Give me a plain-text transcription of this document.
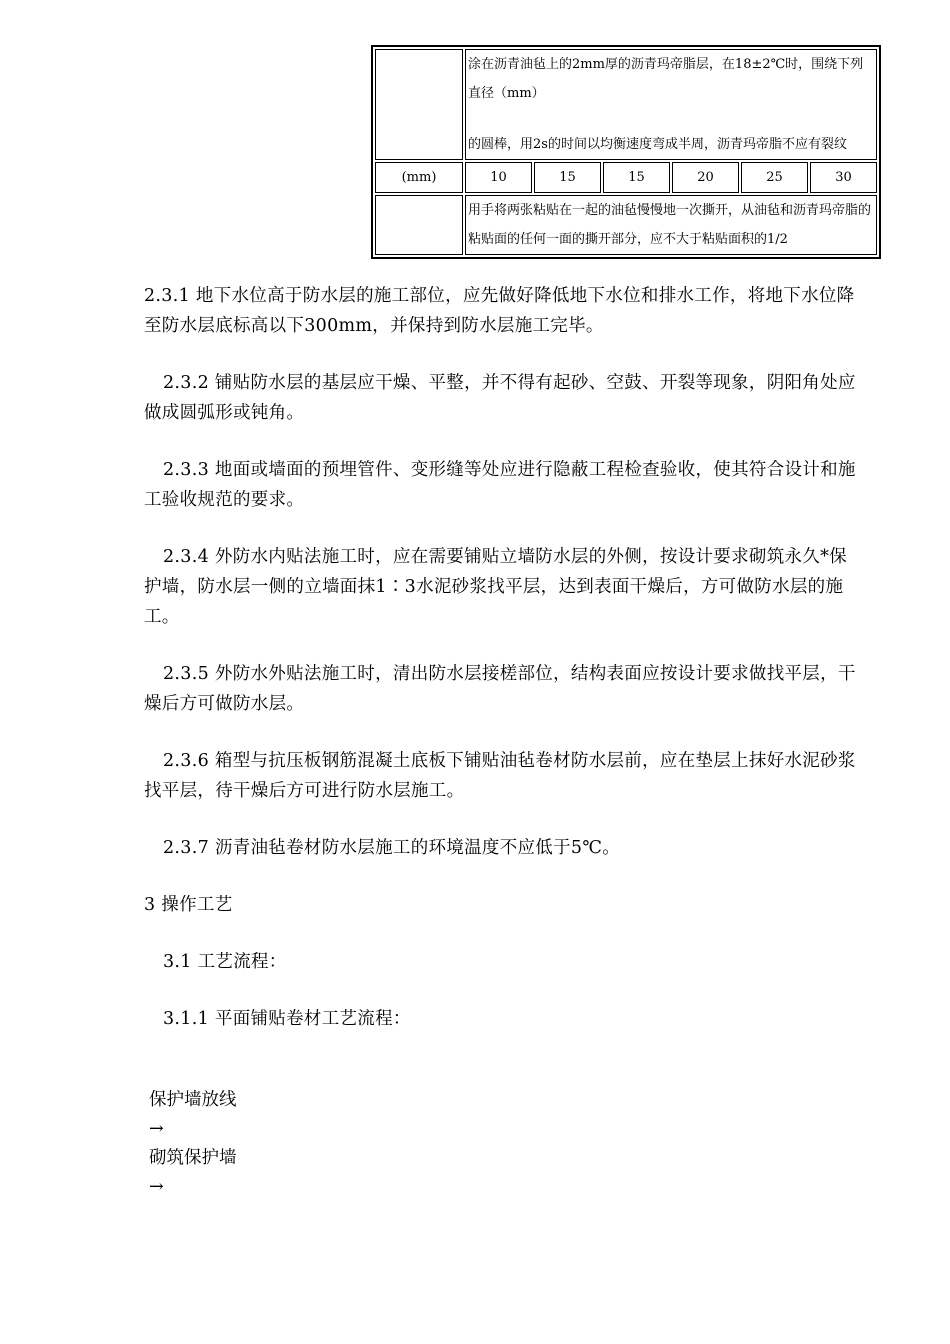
	涂在沥青油毡上的2mm厚的沥青玛帝脂层，在18±2℃时，围绕下列直径（mm）
的圆棒，用2s的时间以均衡速度弯成半周，沥青玛帝脂不应有裂纹					

(mm)	10	15	15	20	25	30
	用手将两张粘贴在一起的油毡慢慢地一次撕开，从油毡和沥青玛帝脂的粘贴面的任何一面的撕开部分，应不大于粘贴面积的1/2					

2.3.1 地下水位高于防水层的施工部位，应先做好降低地下水位和排水工作，将地下水位降至防水层底标高以下300mm，并保持到防水层施工完毕。

2.3.2 铺贴防水层的基层应干燥、平整，并不得有起砂、空鼓、开裂等现象，阴阳角处应做成圆弧形或钝角。

2.3.3 地面或墙面的预埋管件、变形缝等处应进行隐蔽工程检查验收，使其符合设计和施工验收规范的要求。

2.3.4 外防水内贴法施工时，应在需要铺贴立墙防水层的外侧，按设计要求砌筑永久*保护墙，防水层一侧的立墙面抹1∶3水泥砂浆找平层，达到表面干燥后，方可做防水层的施工。

2.3.5 外防水外贴法施工时，清出防水层接槎部位，结构表面应按设计要求做找平层，干燥后方可做防水层。

2.3.6 箱型与抗压板钢筋混凝土底板下铺贴油毡卷材防水层前，应在垫层上抹好水泥砂浆找平层，待干燥后方可进行防水层施工。

2.3.7 沥青油毡卷材防水层施工的环境温度不应低于5℃。

3 操作工艺

3.1 工艺流程：

3.1.1 平面铺贴卷材工艺流程：

保护墙放线

→

砌筑保护墙

→
